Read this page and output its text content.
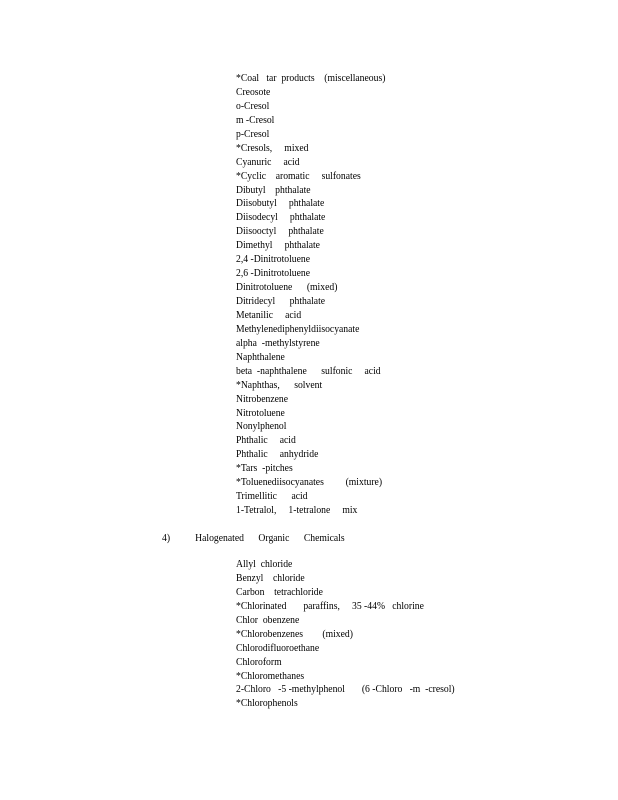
*Coal   tar  products    (miscellaneous)
Creosote
o-Cresol
m -Cresol
p-Cresol
*Cresols,     mixed
Cyanuric     acid
*Cyclic    aromatic     sulfonates
Dibutyl    phthalate
Diisobutyl     phthalate
Diisodecyl     phthalate
Diisooctyl     phthalate
Dimethyl     phthalate
2,4 -Dinitrotoluene
2,6 -Dinitrotoluene
Dinitrotoluene      (mixed)
Ditridecyl      phthalate
Metanilic     acid
Methylenediphenyldiisocyanate
alpha  -methylstyrene
Naphthalene
beta  -naphthalene      sulfonic     acid
*Naphthas,      solvent
Nitrobenzene
Nitrotoluene
Nonylphenol
Phthalic     acid
Phthalic     anhydride
*Tars  -pitches
*Toluenediisocyanates         (mixture)
Trimellitic      acid
1-Tetralol,     1-tetralone     mix

4)

Halogenated      Organic      Chemicals

Allyl  chloride
Benzyl    chloride
Carbon    tetrachloride
*Chlorinated       paraffins,     35 -44%   chlorine
Chlor  obenzene
*Chlorobenzenes        (mixed)
Chlorodifluoroethane
Chloroform
*Chloromethanes
2-Chloro   -5 -methylphenol       (6 -Chloro   -m  -cresol)
*Chlorophenols
